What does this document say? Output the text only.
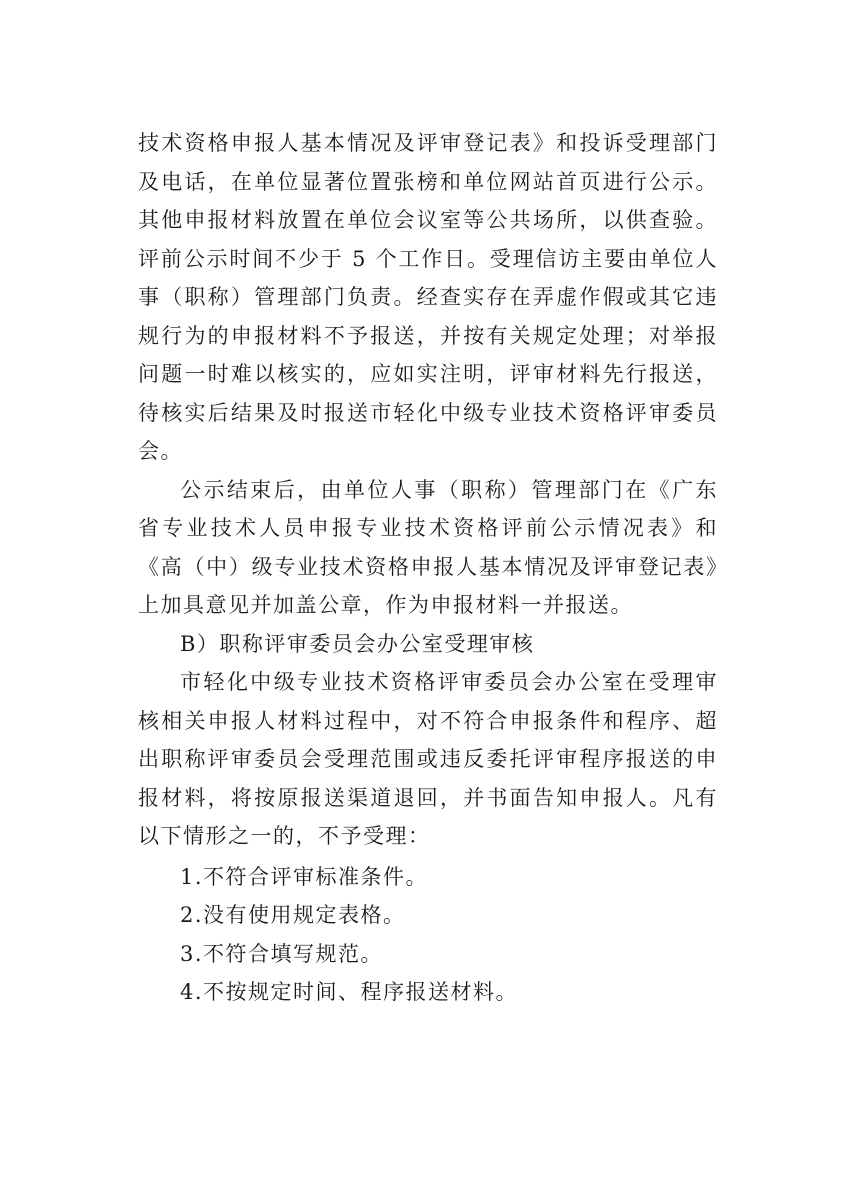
技术资格申报人基本情况及评审登记表》和投诉受理部门及电话，在单位显著位置张榜和单位网站首页进行公示。其他申报材料放置在单位会议室等公共场所，以供查验。评前公示时间不少于 5 个工作日。受理信访主要由单位人事（职称）管理部门负责。经查实存在弄虚作假或其它违规行为的申报材料不予报送，并按有关规定处理；对举报问题一时难以核实的，应如实注明，评审材料先行报送，待核实后结果及时报送市轻化中级专业技术资格评审委员会。

公示结束后，由单位人事（职称）管理部门在《广东省专业技术人员申报专业技术资格评前公示情况表》和《高（中）级专业技术资格申报人基本情况及评审登记表》上加具意见并加盖公章，作为申报材料一并报送。

B）职称评审委员会办公室受理审核

市轻化中级专业技术资格评审委员会办公室在受理审核相关申报人材料过程中，对不符合申报条件和程序、超出职称评审委员会受理范围或违反委托评审程序报送的申报材料，将按原报送渠道退回，并书面告知申报人。凡有以下情形之一的，不予受理：

1.不符合评审标准条件。

2.没有使用规定表格。

3.不符合填写规范。

4.不按规定时间、程序报送材料。
